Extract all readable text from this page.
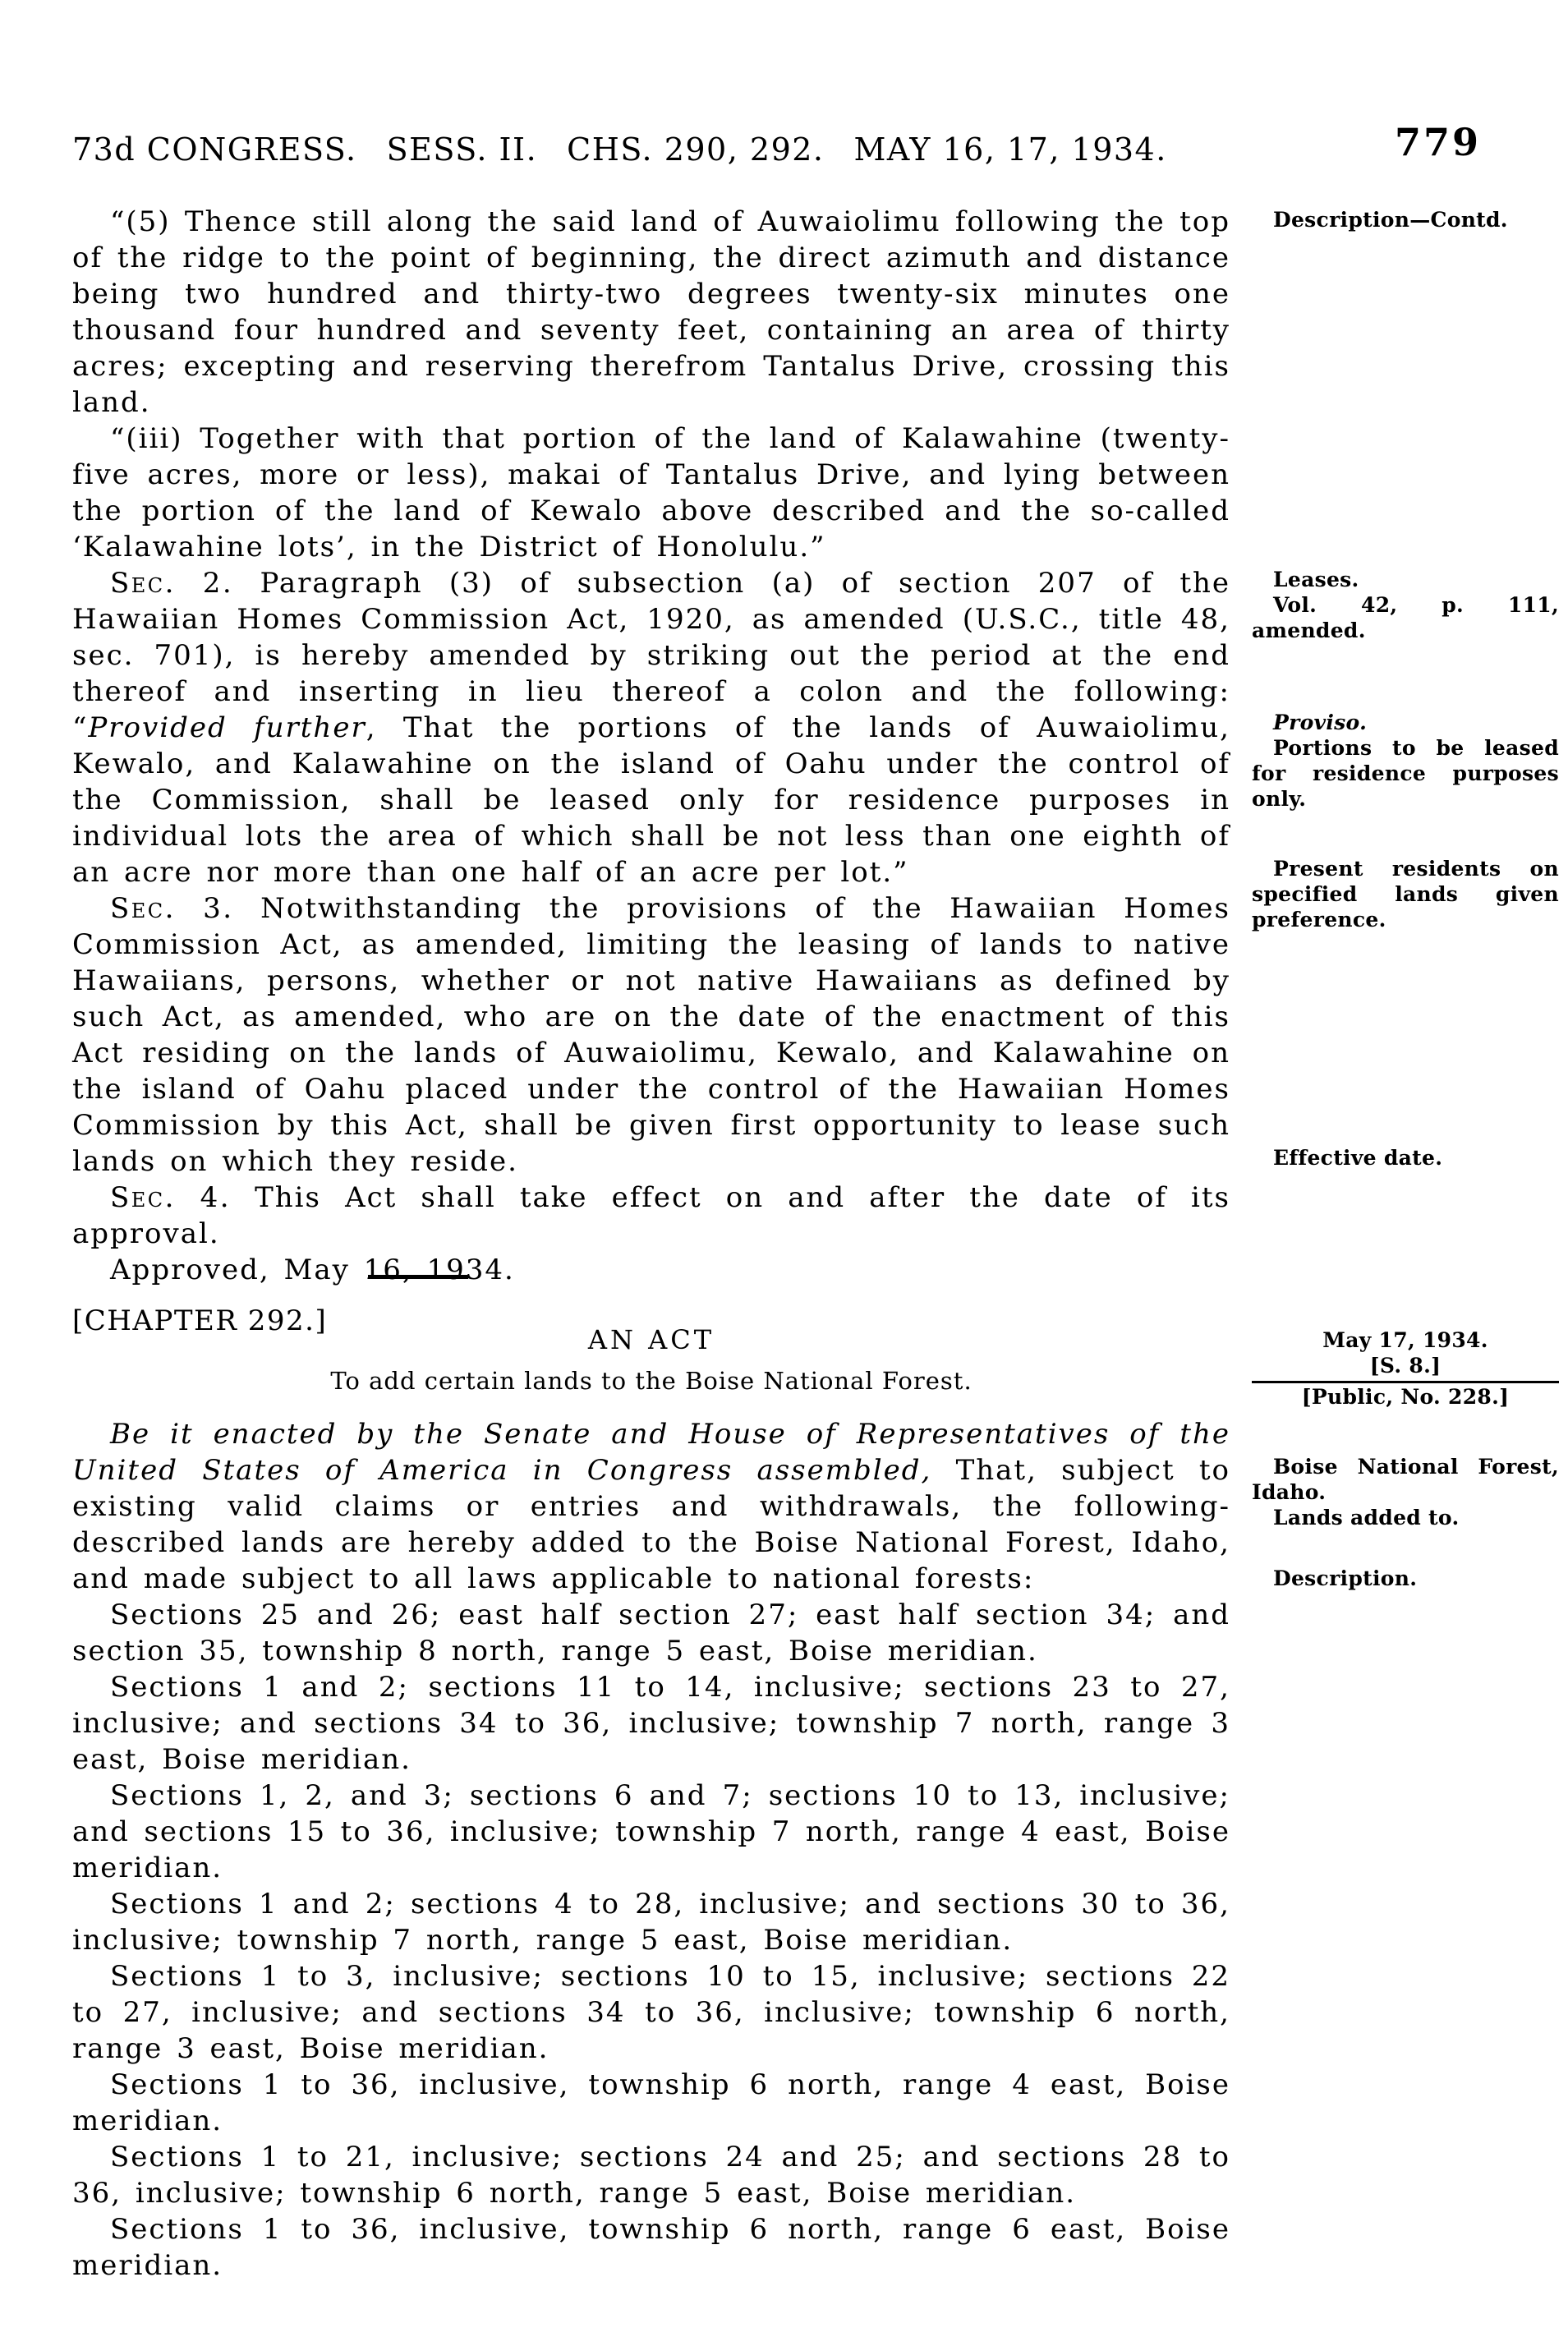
73d CONGRESS. SESS. II. CHS. 290, 292. MAY 16, 17, 1934.	779

“(5) Thence still along the said land of Auwaiolimu following the top of the ridge to the point of beginning, the direct azimuth and distance being two hundred and thirty-two degrees twenty-six minutes one thousand four hundred and seventy feet, containing an area of thirty acres; excepting and reserving therefrom Tantalus Drive, crossing this land.

“(iii) Together with that portion of the land of Kalawahine (twenty-five acres, more or less), makai of Tantalus Drive, and lying between the portion of the land of Kewalo above described and the so-called ‘Kalawahine lots’, in the District of Honolulu.”

Sec. 2. Paragraph (3) of subsection (a) of section 207 of the Hawaiian Homes Commission Act, 1920, as amended (U.S.C., title 48, sec. 701), is hereby amended by striking out the period at the end thereof and inserting in lieu thereof a colon and the following: “Provided further, That the portions of the lands of Auwaiolimu, Kewalo, and Kalawahine on the island of Oahu under the control of the Commission, shall be leased only for residence purposes in individual lots the area of which shall be not less than one eighth of an acre nor more than one half of an acre per lot.”

Sec. 3. Notwithstanding the provisions of the Hawaiian Homes Commission Act, as amended, limiting the leasing of lands to native Hawaiians, persons, whether or not native Hawaiians as defined by such Act, as amended, who are on the date of the enactment of this Act residing on the lands of Auwaiolimu, Kewalo, and Kalawahine on the island of Oahu placed under the control of the Hawaiian Homes Commission by this Act, shall be given first opportunity to lease such lands on which they reside.

Sec. 4. This Act shall take effect on and after the date of its approval.

Approved, May 16, 1934.

Description—Contd.

Leases.

Vol. 42, p. 111, amended.

Proviso.

Portions to be leased for residence purposes only.

Present residents on specified lands given preference.

Effective date.

[CHAPTER 292.]
AN ACT
To add certain lands to the Boise National Forest.
May 17, 1934.
[S. 8.]
[Public, No. 228.]

Boise National Forest, Idaho.

Lands added to.

Description.

Be it enacted by the Senate and House of Representatives of the United States of America in Congress assembled, That, subject to existing valid claims or entries and withdrawals, the following-described lands are hereby added to the Boise National Forest, Idaho, and made subject to all laws applicable to national forests:

Sections 25 and 26; east half section 27; east half section 34; and section 35, township 8 north, range 5 east, Boise meridian.

Sections 1 and 2; sections 11 to 14, inclusive; sections 23 to 27, inclusive; and sections 34 to 36, inclusive; township 7 north, range 3 east, Boise meridian.

Sections 1, 2, and 3; sections 6 and 7; sections 10 to 13, inclusive; and sections 15 to 36, inclusive; township 7 north, range 4 east, Boise meridian.

Sections 1 and 2; sections 4 to 28, inclusive; and sections 30 to 36, inclusive; township 7 north, range 5 east, Boise meridian.

Sections 1 to 3, inclusive; sections 10 to 15, inclusive; sections 22 to 27, inclusive; and sections 34 to 36, inclusive; township 6 north, range 3 east, Boise meridian.

Sections 1 to 36, inclusive, township 6 north, range 4 east, Boise meridian.

Sections 1 to 21, inclusive; sections 24 and 25; and sections 28 to 36, inclusive; township 6 north, range 5 east, Boise meridian.

Sections 1 to 36, inclusive, township 6 north, range 6 east, Boise meridian.
